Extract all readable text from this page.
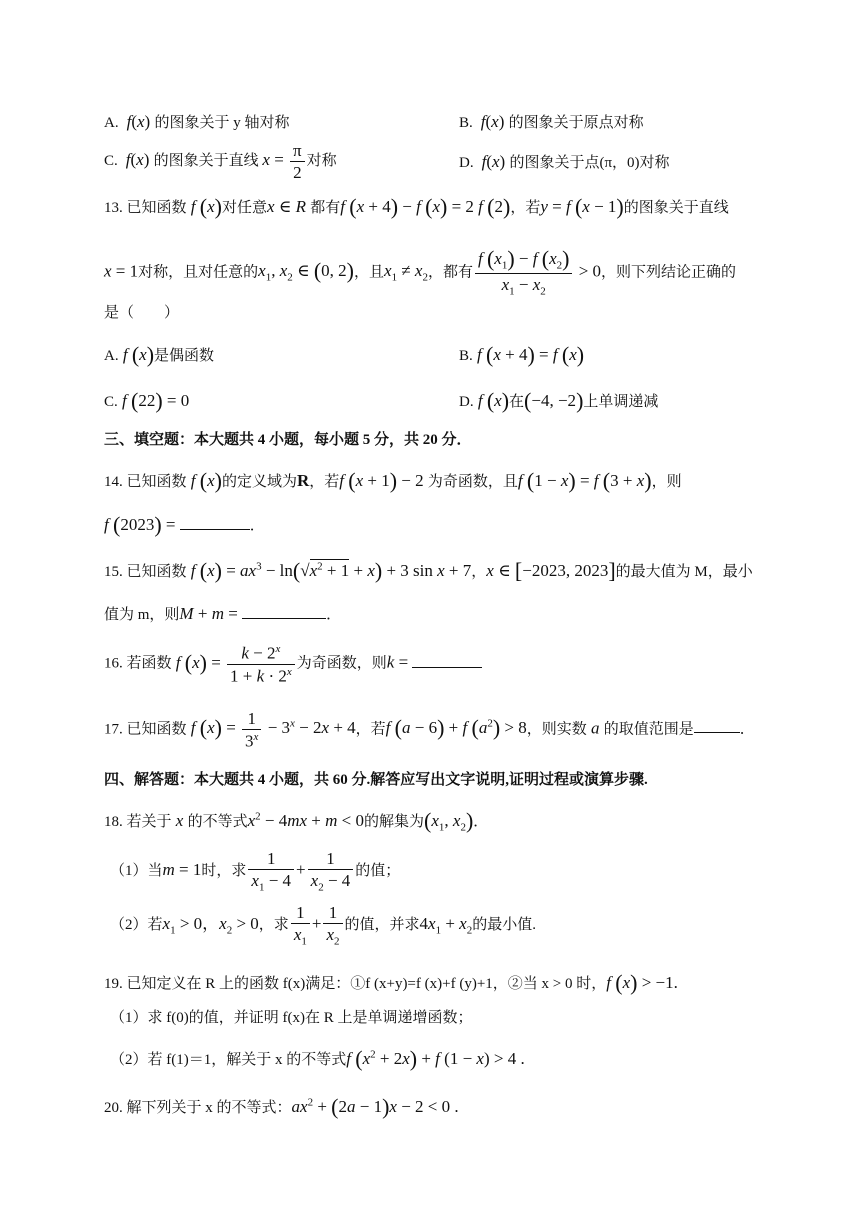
A. f(x) 的图象关于 y 轴对称	B. f(x) 的图象关于原点对称
C. f(x) 的图象关于直线 $x = \frac{\pi}{2}$ 对称	D. f(x) 的图象关于点(π，0)对称
13. 已知函数 f (x)对任意x ∈ R 都有f (x + 4) − f (x) = 2 f (2)，若y = f (x − 1)的图象关于直线
x = 1对称，且对任意的$x_1$, $x_2$ ∈ (0, 2)，且$x_1 \ne x_2$，都有 $\frac{f (x_1) - f (x_2)}{x_1 - x_2} > 0$，则下列结论正确的
是（　　）
A. f (x)是偶函数	B. f (x + 4) = f (x)
C. f (22) = 0	D. f (x)在(−4, −2)上单调递减
三、填空题：本大题共 4 小题，每小题 5 分，共 20 分．
14. 已知函数 f (x)的定义域为R，若f (x + 1) − 2 为奇函数，且f (1 − x) = f (3 + x)，则
f (2023) =	．
15. 已知函数 f $(x) = ax^3 - \ln(√x^2 + 1 + x) + 3$ sin x + 7，x ∈ [−2023, 2023]的最大值为 M，最小
值为 m，则M + m =	．
16. 若函数 f $(x) = \frac{k - 2^x}{1 + k \cdot 2^x}$ 为奇函数，则k =
17. 已知函数 f $(x) = \frac{1}{3^x} - 3^x - 2x + 4$，若f (a − 6) + f $(a^2) > 8$，则实数 a 的取值范围是	．
四、解答题：本大题共 4 小题，共 60 分.解答应写出文字说明,证明过程或演算步骤.
18. 若关于 x 的不等式$x^2 - 4mx + m < 0$的解集为($x_1$, $x_2$)．
（1）当m = 1时，求 $\frac{1}{x_1 - 4} + \frac{1}{x_2 - 4}$ 的值；
（2）若$x_1 > 0$，$x_2 > 0$，求 $\frac{1}{x_1} + \frac{1}{x_2}$ 的值，并求$4x_1 + x_2$的最小值.
19. 已知定义在 R 上的函数 f(x)满足：①f (x+y)=f (x)+f (y)+1，②当 x > 0 时，f (x) > −1.
（1）求 f(0)的值，并证明 f(x)在 R 上是单调递增函数；
（2）若 f(1)＝1，解关于 x 的不等式f $(x^2 + 2x) + f$ (1 − x) > 4 .
20. 解下列关于 x 的不等式：$ax^2 + (2a - 1)x - 2 < 0$ .
